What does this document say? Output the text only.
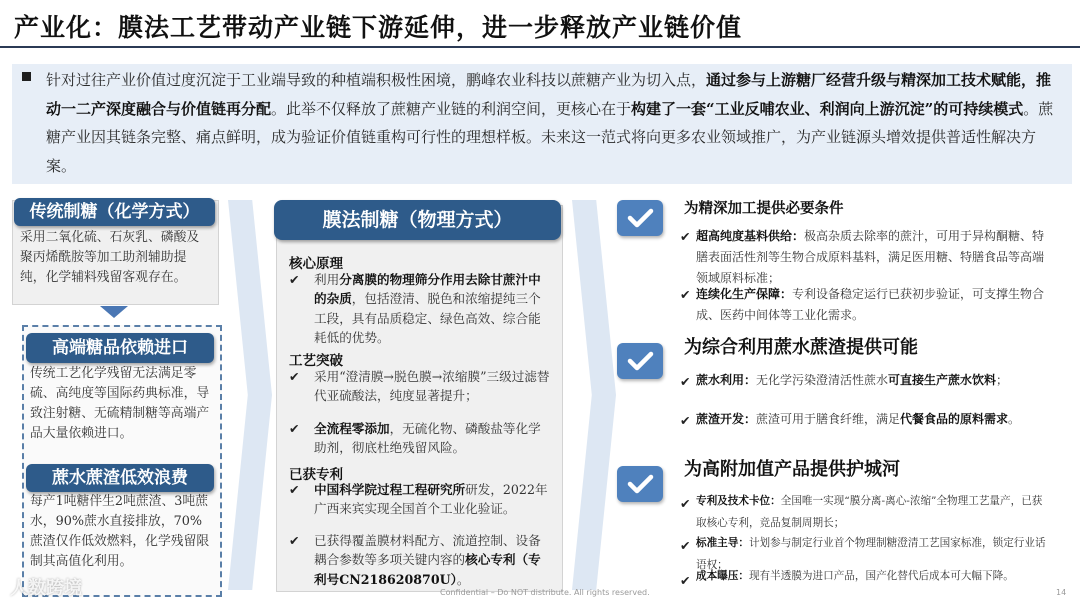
产业化：膜法工艺带动产业链下游延伸，进一步释放产业链价值
针对过往产业价值过度沉淀于工业端导致的种植端积极性困境，鹏峰农业科技以蔗糖产业为切入点，通过参与上游糖厂经营升级与精深加工技术赋能，推动一二产深度融合与价值链再分配。此举不仅释放了蔗糖产业链的利润空间，更核心在于构建了一套“工业反哺农业、利润向上游沉淀”的可持续模式。蔗糖产业因其链条完整、痛点鲜明，成为验证价值链重构可行性的理想样板。未来这一范式将向更多农业领域推广，为产业链源头增效提供普适性解决方案。
传统制糖（化学方式）
采用二氧化硫、石灰乳、磷酸及聚丙烯酰胺等加工助剂辅助提纯，化学辅料残留客观存在。
高端糖品依赖进口
传统工艺化学残留无法满足零硫、高纯度等国际药典标准，导致注射糖、无硫精制糖等高端产品大量依赖进口。
蔗水蔗渣低效浪费
每产1吨糖伴生2吨蔗渣、3吨蔗水，90%蔗水直接排放，70%蔗渣仅作低效燃料，化学残留限制其高值化利用。
膜法制糖（物理方式）
核心原理
✔ 利用分离膜的物理筛分作用去除甘蔗汁中的杂质，包括澄清、脱色和浓缩提纯三个工段，具有品质稳定、绿色高效、综合能耗低的优势。
工艺突破
✔ 采用“澄清膜→脱色膜→浓缩膜”三级过滤替代亚硫酸法，纯度显著提升；
✔ 全流程零添加，无硫化物、磷酸盐等化学助剂，彻底杜绝残留风险。
已获专利
✔ 中国科学院过程工程研究所研发，2022年广西来宾实现全国首个工业化验证。
✔ 已获得覆盖膜材料配方、流道控制、设备耦合参数等多项关键内容的核心专利（专利号CN218620870U）。
为精深加工提供必要条件
✔ 超高纯度基料供给：极高杂质去除率的蔗汁，可用于异构酮糖、特膳表面活性剂等生物合成原料基料，满足医用糖、特膳食品等高端领域原料标准；
✔ 连续化生产保障：专利设备稳定运行已获初步验证，可支撑生物合成、医药中间体等工业化需求。
为综合利用蔗水蔗渣提供可能
✔ 蔗水利用：无化学污染澄清活性蔗水可直接生产蔗水饮料；
✔ 蔗渣开发：蔗渣可用于膳食纤维，满足代餐食品的原料需求。
为高附加值产品提供护城河
✔ 专利及技术卡位：全国唯一实现“膜分离-离心-浓缩”全物理工艺量产，已获取核心专利，竞品复制周期长；
✔ 标准主导：计划参与制定行业首个物理制糖澄清工艺国家标准，锁定行业话语权；
✔ 成本曝压：现有半透膜为进口产品，国产化替代后成本可大幅下降。
Confidential – Do NOT distribute. All rights reserved.	14
人数跨境
